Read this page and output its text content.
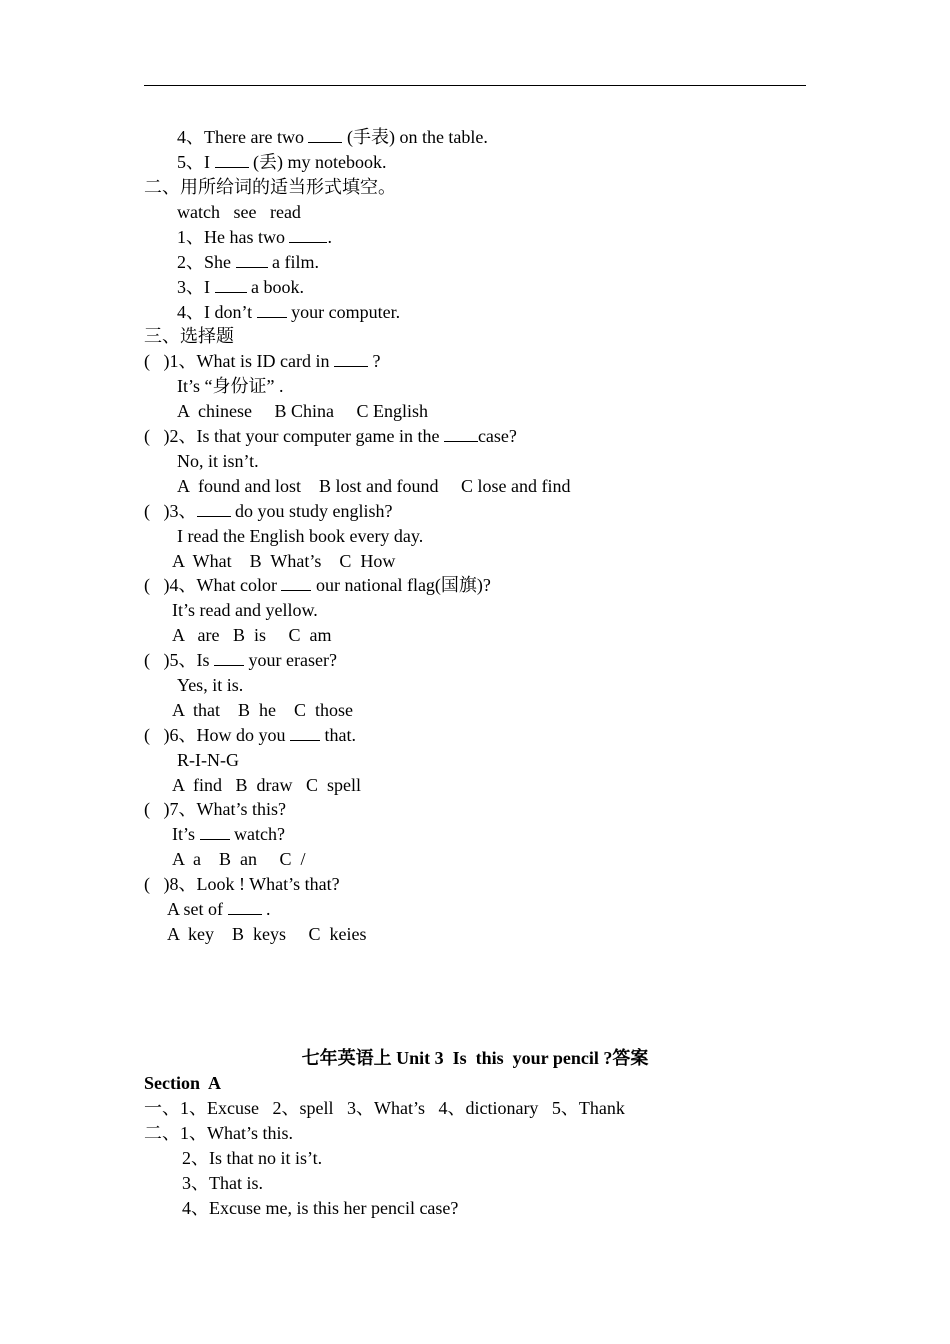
4、There are two  (手表) on the table.
5、I  (丢) my notebook.
二、用所给词的适当形式填空。
watch   see   read
1、He has two .
2、She  a film.
3、I  a book.
4、I don’t  your computer.
三、选择题
(   )1、What is ID card in  ?
It’s “身份证” .
A  chinese     B China     C English
(   )2、Is that your computer game in the case?
No, it isn’t.
A  found and lost    B lost and found     C lose and find
(   )3、 do you study english?
I read the English book every day.
A  What    B  What’s    C  How
(   )4、What color  our national flag(国旗)?
It’s read and yellow.
A   are   B  is     C  am
(   )5、Is  your eraser?
Yes, it is.
A  that    B  he    C  those
(   )6、How do you  that.
R-I-N-G
A  find   B  draw   C  spell
(   )7、What’s this?
It’s  watch?
A  a    B  an     C  /
(   )8、Look ! What’s that?
A set of  .
A  key    B  keys     C  keies
七年英语上 Unit 3  Is  this  your pencil ?答案
Section  A
一、1、Excuse   2、spell   3、What’s   4、dictionary   5、Thank
二、1、What’s this.
2、Is that no it is’t.
3、That is.
4、Excuse me, is this her pencil case?
